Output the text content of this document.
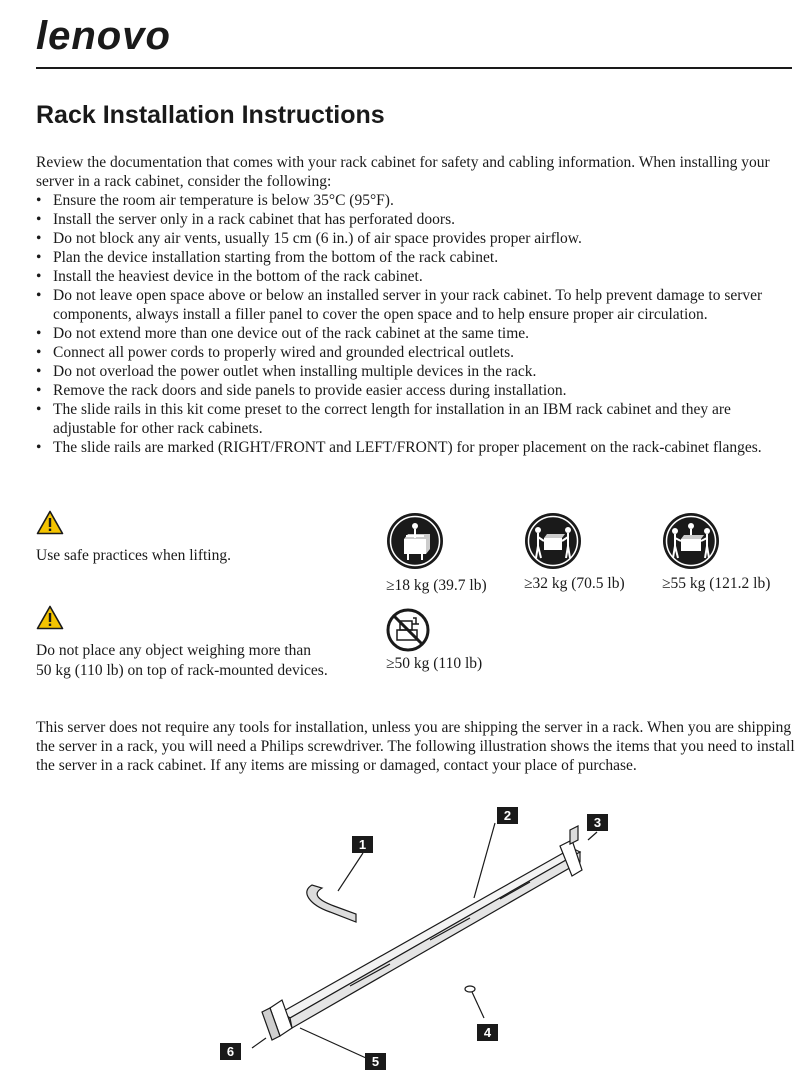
lenovo
Rack Installation Instructions

Review the documentation that comes with your rack cabinet for safety and cabling information. When installing your server in a rack cabinet, consider the following:

• Ensure the room air temperature is below 35°C (95°F).
• Install the server only in a rack cabinet that has perforated doors.
• Do not block any air vents, usually 15 cm (6 in.) of air space provides proper airflow.
• Plan the device installation starting from the bottom of the rack cabinet.
• Install the heaviest device in the bottom of the rack cabinet.
• Do not leave open space above or below an installed server in your rack cabinet. To help prevent damage to server components, always install a filler panel to cover the open space and to help ensure proper air circulation.
• Do not extend more than one device out of the rack cabinet at the same time.
• Connect all power cords to properly wired and grounded electrical outlets.
• Do not overload the power outlet when installing multiple devices in the rack.
• Remove the rack doors and side panels to provide easier access during installation.
• The slide rails in this kit come preset to the correct length for installation in an IBM rack cabinet and they are adjustable for other rack cabinets.
• The slide rails are marked (RIGHT/FRONT and LEFT/FRONT) for proper placement on the rack-cabinet flanges.

Use safe practices when lifting.

≥18 kg (39.7 lb) ≥32 kg (70.5 lb) ≥55 kg (121.2 lb)

Do not place any object weighing more than

50 kg (110 lb) on top of rack-mounted devices.	≥50 kg (110 lb)

This server does not require any tools for installation, unless you are shipping the server in a rack. When you are shipping the server in a rack, you will need a Philips screwdriver. The following illustration shows the items that you need to install the server in a rack cabinet. If any items are missing or damaged, contact your place of purchase.

1
2	3
4
5
6
